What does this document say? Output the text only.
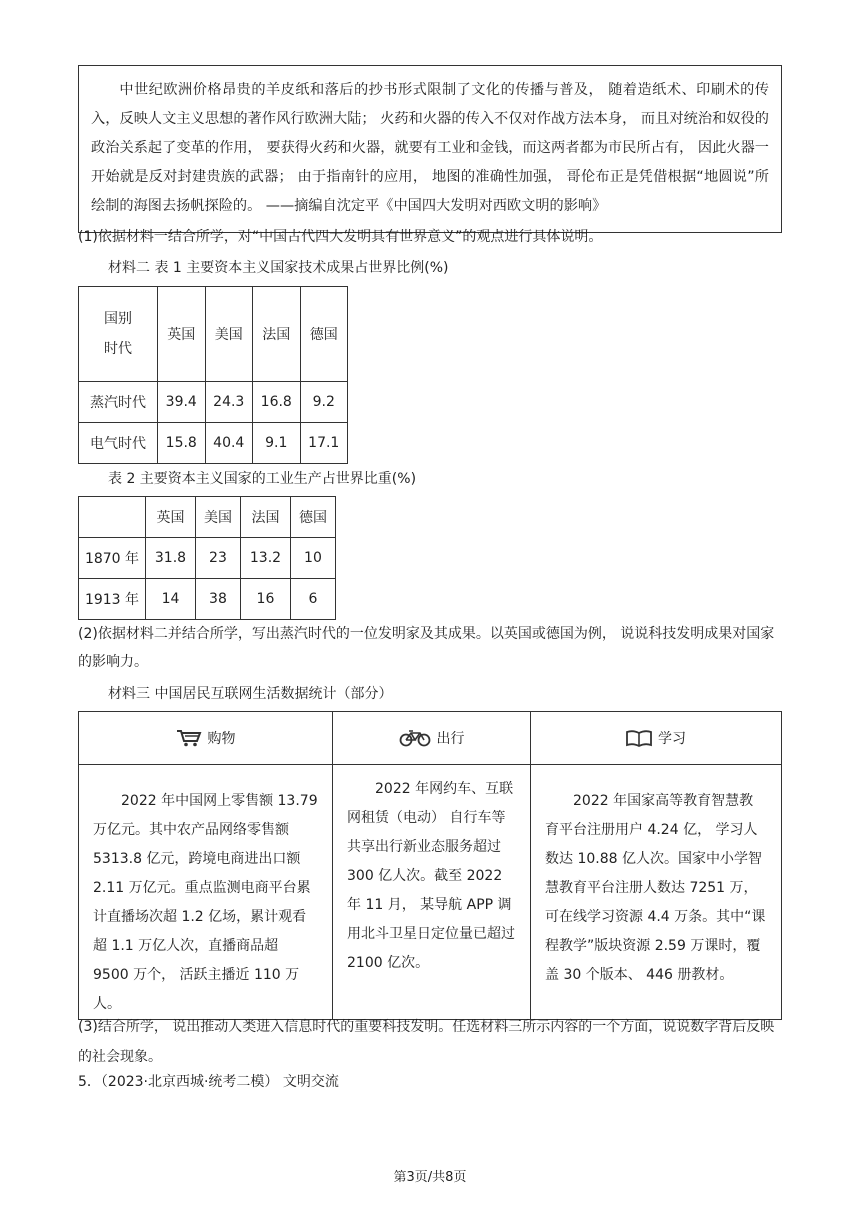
中世纪欧洲价格昂贵的羊皮纸和落后的抄书形式限制了文化的传播与普及， 随着造纸术、印刷术的传入，反映人文主义思想的著作风行欧洲大陆； 火药和火器的传入不仅对作战方法本身， 而且对统治和奴役的政治关系起了变革的作用， 要获得火药和火器，就要有工业和金钱，而这两者都为市民所占有， 因此火器一开始就是反对封建贵族的武器； 由于指南针的应用， 地图的准确性加强， 哥伦布正是凭借根据“地圆说”所绘制的海图去扬帆探险的。 ——摘编自沈定平《中国四大发明对西欧文明的影响》
(1)依据材料一结合所学，对“中国古代四大发明具有世界意义”的观点进行具体说明。
材料二 表 1 主要资本主义国家技术成果占世界比例(%)
国别
时代	英国	美国	法国	德国
蒸汽时代	39.4	24.3	16.8	9.2
电气时代	15.8	40.4	9.1	17.1
表 2 主要资本主义国家的工业生产占世界比重(%)
	英国	美国	法国	德国
1870 年	31.8	23	13.2	10
1913 年	14	38	16	6
(2)依据材料二并结合所学，写出蒸汽时代的一位发明家及其成果。以英国或德国为例， 说说科技发明成果对国家的影响力。
材料三 中国居民互联网生活数据统计（部分）
购物	出行	学习

2022 年中国网上零售额 13.79 万亿元。其中农产品网络零售额 5313.8 亿元，跨境电商进出口额 2.11 万亿元。重点监测电商平台累计直播场次超 1.2 亿场，累计观看超 1.1 万亿人次，直播商品超 9500 万个， 活跃主播近 110 万人。	2022 年网约车、互联网租赁（电动） 自行车等共享出行新业态服务超过 300 亿人次。截至 2022 年 11 月， 某导航 APP 调用北斗卫星日定位量已超过 2100 亿次。	2022 年国家高等教育智慧教育平台注册用户 4.24 亿， 学习人数达 10.88 亿人次。国家中小学智慧教育平台注册人数达 7251 万，可在线学习资源 4.4 万条。其中“课程教学”版块资源 2.59 万课时，覆盖 30 个版本、 446 册教材。
(3)结合所学， 说出推动人类进入信息时代的重要科技发明。任选材料三所示内容的一个方面，说说数字背后反映的社会现象。
5．（2023·北京西城·统考二模） 文明交流
第3页/共8页
